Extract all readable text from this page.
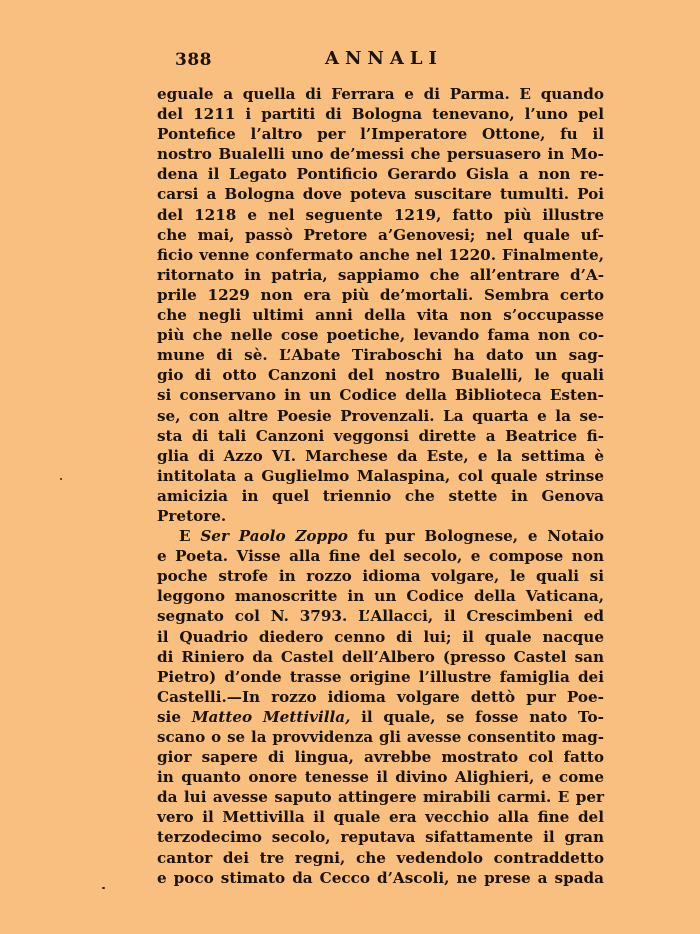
388	ANNALI
eguale a quella di Ferrara e di Parma. E quando
del 1211 i partiti di Bologna tenevano, l’uno pel
Pontefice l’altro per l’Imperatore Ottone, fu il
nostro Bualelli uno de’messi che persuasero in Mo-
dena il Legato Pontificio Gerardo Gisla a non re-
carsi a Bologna dove poteva suscitare tumulti. Poi
del 1218 e nel seguente 1219, fatto più illustre
che mai, passò Pretore a’Genovesi; nel quale uf-
ficio venne confermato anche nel 1220. Finalmente,
ritornato in patria, sappiamo che all’entrare d’A-
prile 1229 non era più de’mortali. Sembra certo
che negli ultimi anni della vita non s’occupasse
più che nelle cose poetiche, levando fama non co-
mune di sè. L’Abate Tiraboschi ha dato un sag-
gio di otto Canzoni del nostro Bualelli, le quali
si conservano in un Codice della Biblioteca Esten-
se, con altre Poesie Provenzali. La quarta e la se-
sta di tali Canzoni veggonsi dirette a Beatrice fi-
glia di Azzo VI. Marchese da Este, e la settima è
intitolata a Guglielmo Malaspina, col quale strinse
amicizia in quel triennio che stette in Genova
Pretore.
E Ser Paolo Zoppo fu pur Bolognese, e Notaio
e Poeta. Visse alla fine del secolo, e compose non
poche strofe in rozzo idioma volgare, le quali si
leggono manoscritte in un Codice della Vaticana,
segnato col N. 3793. L’Allacci, il Crescimbeni ed
il Quadrio diedero cenno di lui; il quale nacque
di Riniero da Castel dell’Albero (presso Castel san
Pietro) d’onde trasse origine l’illustre famiglia dei
Castelli.—In rozzo idioma volgare dettò pur Poe-
sie Matteo Mettivilla, il quale, se fosse nato To-
scano o se la provvidenza gli avesse consentito mag-
gior sapere di lingua, avrebbe mostrato col fatto
in quanto onore tenesse il divino Alighieri, e come
da lui avesse saputo attingere mirabili carmi. E per
vero il Mettivilla il quale era vecchio alla fine del
terzodecimo secolo, reputava sifattamente il gran
cantor dei tre regni, che vedendolo contraddetto
e poco stimato da Cecco d’Ascoli, ne prese a spada
